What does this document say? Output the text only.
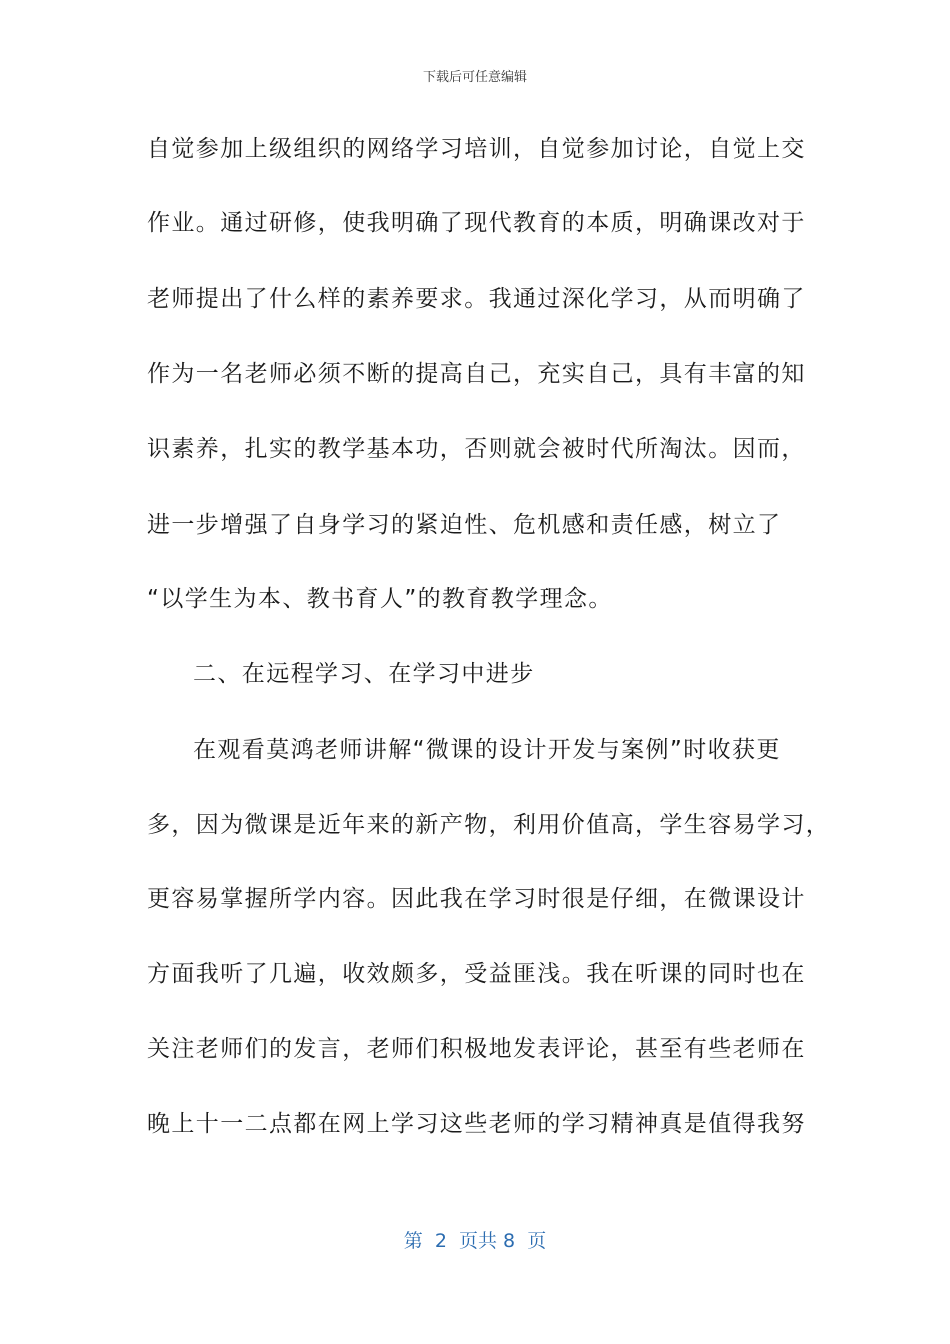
下载后可任意编辑
自觉参加上级组织的网络学习培训，自觉参加讨论，自觉上交
作业。通过研修，使我明确了现代教育的本质，明确课改对于
老师提出了什么样的素养要求。我通过深化学习，从而明确了
作为一名老师必须不断的提高自己，充实自己，具有丰富的知
识素养，扎实的教学基本功，否则就会被时代所淘汰。因而，
进一步增强了自身学习的紧迫性、危机感和责任感，树立了
“以学生为本、教书育人”的教育教学理念。
二、在远程学习、在学习中进步
在观看莫鸿老师讲解“微课的设计开发与案例”时收获更
多，因为微课是近年来的新产物，利用价值高，学生容易学习，
更容易掌握所学内容。因此我在学习时很是仔细，在微课设计
方面我听了几遍，收效颇多，受益匪浅。我在听课的同时也在
关注老师们的发言，老师们积极地发表评论，甚至有些老师在
晚上十一二点都在网上学习这些老师的学习精神真是值得我努
第  2  页共 8  页
